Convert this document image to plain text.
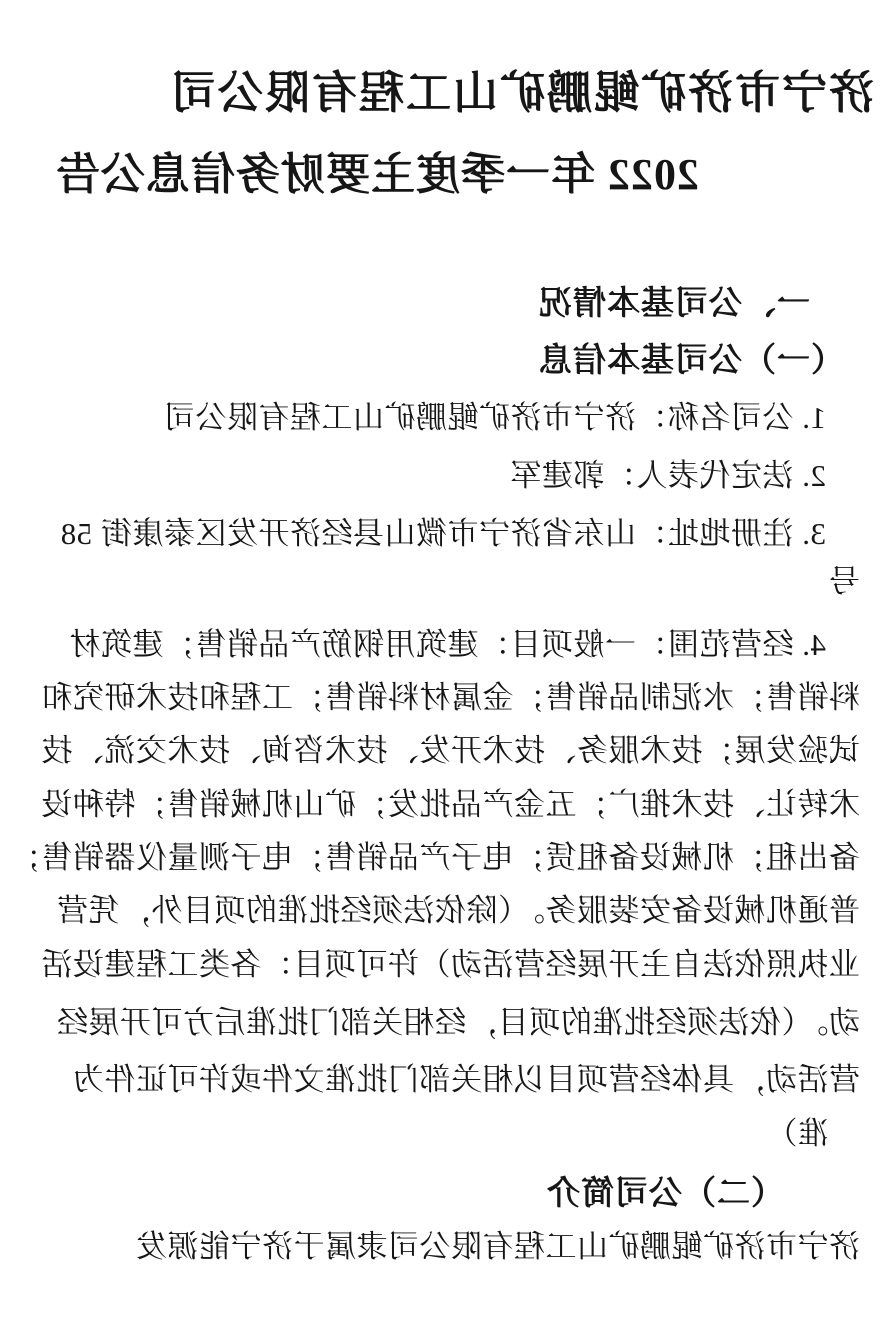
济宁市济矿鲲鹏矿山工程有限公司
2022 年一季度主要财务信息公告
一、公司基本情况
（一）公司基本信息
1. 公司名称：济宁市济矿鲲鹏矿山工程有限公司
2. 法定代表人：郭建军
3. 注册地址：山东省济宁市微山县经济开发区泰康街 58
号
4. 经营范围：一般项目：建筑用钢筋产品销售；建筑材
料销售；水泥制品销售；金属材料销售；工程和技术研究和
试验发展；技术服务、技术开发、技术咨询、技术交流、技
术转让、技术推广；五金产品批发；矿山机械销售；特种设
备出租；机械设备租赁；电子产品销售；电子测量仪器销售；
普通机械设备安装服务。（除依法须经批准的项目外，凭营
业执照依法自主开展经营活动）许可项目：各类工程建设活
动。（依法须经批准的项目，经相关部门批准后方可开展经
营活动，具体经营项目以相关部门批准文件或许可证件为
准）
（二）公司简介
济宁市济矿鲲鹏矿山工程有限公司隶属于济宁能源发
